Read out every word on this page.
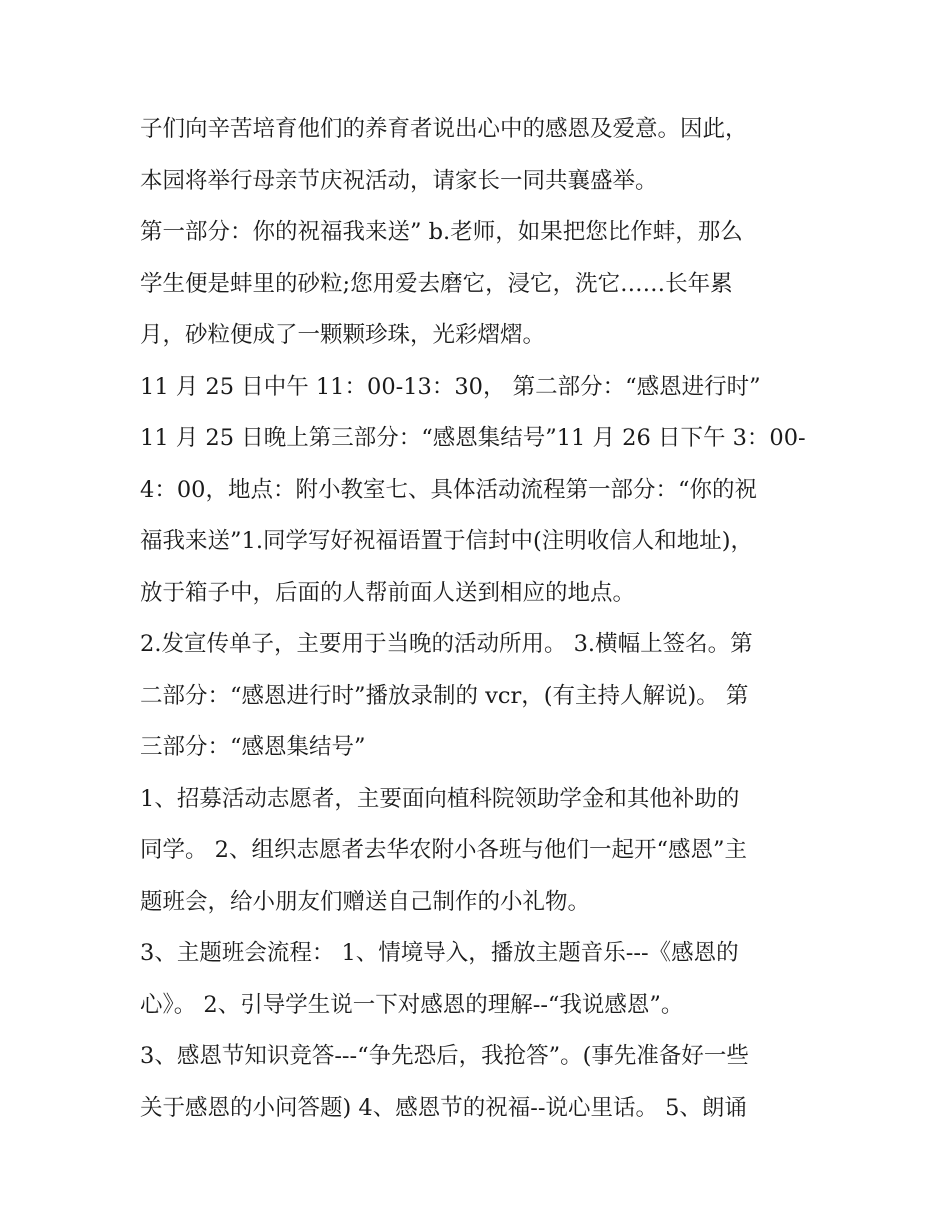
子们向辛苦培育他们的养育者说出心中的感恩及爱意。因此，
本园将举行母亲节庆祝活动，请家长一同共襄盛举。
第一部分：你的祝福我来送” b.老师，如果把您比作蚌，那么
学生便是蚌里的砂粒;您用爱去磨它，浸它，洗它……长年累
月，砂粒便成了一颗颗珍珠，光彩熠熠。
11 月 25 日中午 11：00-13：30， 第二部分：“感恩进行时”
11 月 25 日晚上第三部分：“感恩集结号”11 月 26 日下午 3：00-
4：00，地点：附小教室七、具体活动流程第一部分：“你的祝
福我来送”1.同学写好祝福语置于信封中(注明收信人和地址)，
放于箱子中，后面的人帮前面人送到相应的地点。
2.发宣传单子，主要用于当晚的活动所用。 3.横幅上签名。第
二部分：“感恩进行时”播放录制的 vcr，(有主持人解说)。 第
三部分：“感恩集结号”
1、招募活动志愿者，主要面向植科院领助学金和其他补助的
同学。 2、组织志愿者去华农附小各班与他们一起开“感恩”主
题班会，给小朋友们赠送自己制作的小礼物。
3、主题班会流程： 1、情境导入，播放主题音乐---《感恩的
心》。 2、引导学生说一下对感恩的理解--“我说感恩”。
3、感恩节知识竞答---“争先恐后，我抢答”。(事先准备好一些
关于感恩的小问答题) 4、感恩节的祝福--说心里话。 5、朗诵
